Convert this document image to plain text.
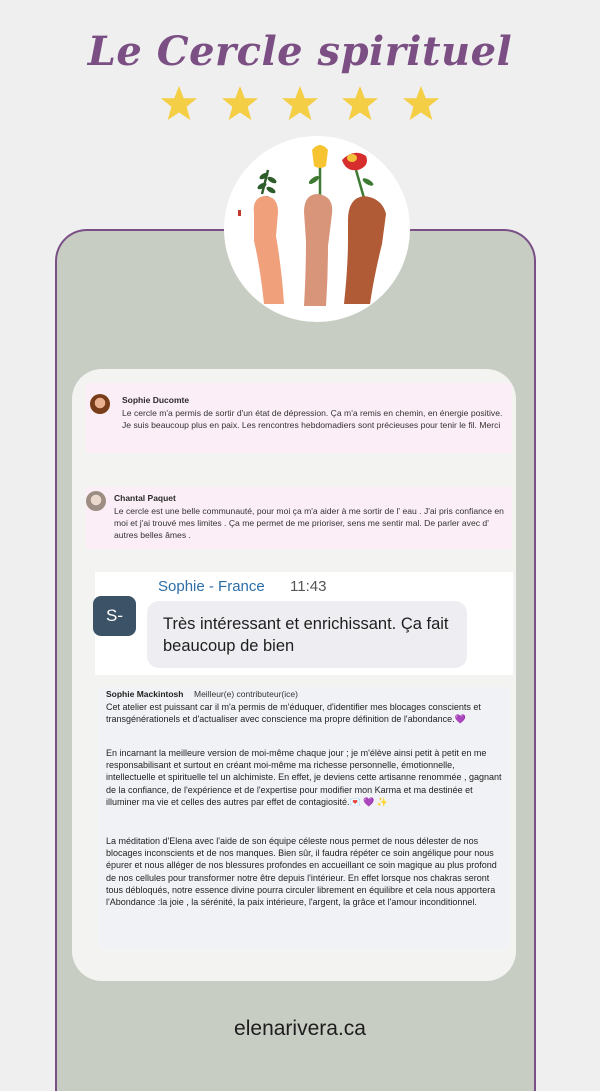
Le Cercle spirituel

Sophie Ducomte
Le cercle m'a permis de sortir d'un état de dépression. Ça m'a remis en chemin, en énergie positive. Je suis beaucoup plus en paix. Les rencontres hebdomadiers sont précieuses pour tenir le fil. Merci
Chantal Paquet
Le cercle est une belle communauté, pour moi ça m'a aider à me sortir de l' eau . J'ai pris confiance en moi et j'ai trouvé mes limites . Ça me permet de me prioriser, sens me sentir mal. De parler avec d' autres belles âmes .
S-
Sophie - France 11:43
Très intéressant et enrichissant. Ça fait beaucoup de bien
Sophie Mackintosh Meilleur(e) contributeur(ice)
Cet atelier est puissant car il m'a permis de m'éduquer, d'identifier mes blocages conscients et transgénérationels et d'actualiser avec conscience ma propre définition de l'abondance.💜
En incarnant la meilleure version de moi-même chaque jour ; je m'élève ainsi petit à petit en me responsabilisant et surtout en créant moi-même ma richesse personnelle, émotionnelle, intellectuelle et spirituelle tel un alchimiste. En effet, je deviens cette artisanne renommée , gagnant de la confiance, de l'expérience et de l'expertise pour modifier mon Karma et ma destinée et illuminer ma vie et celles des autres par effet de contagiosité.💌 💜 ✨
La méditation d'Elena avec l'aide de son équipe céleste nous permet de nous délester de nos blocages inconscients et de nos manques. Bien sûr, il faudra répéter ce soin angélique pour nous épurer et nous alléger de nos blessures profondes en accueillant ce soin magique au plus profond de nos cellules pour transformer notre être depuis l'intérieur. En effet lorsque nos chakras seront tous débloqués, notre essence divine pourra circuler librement en équilibre et cela nous apportera l'Abondance :la joie , la sérénité, la paix intérieure, l'argent, la grâce et l'amour inconditionnel.
elenarivera.ca
